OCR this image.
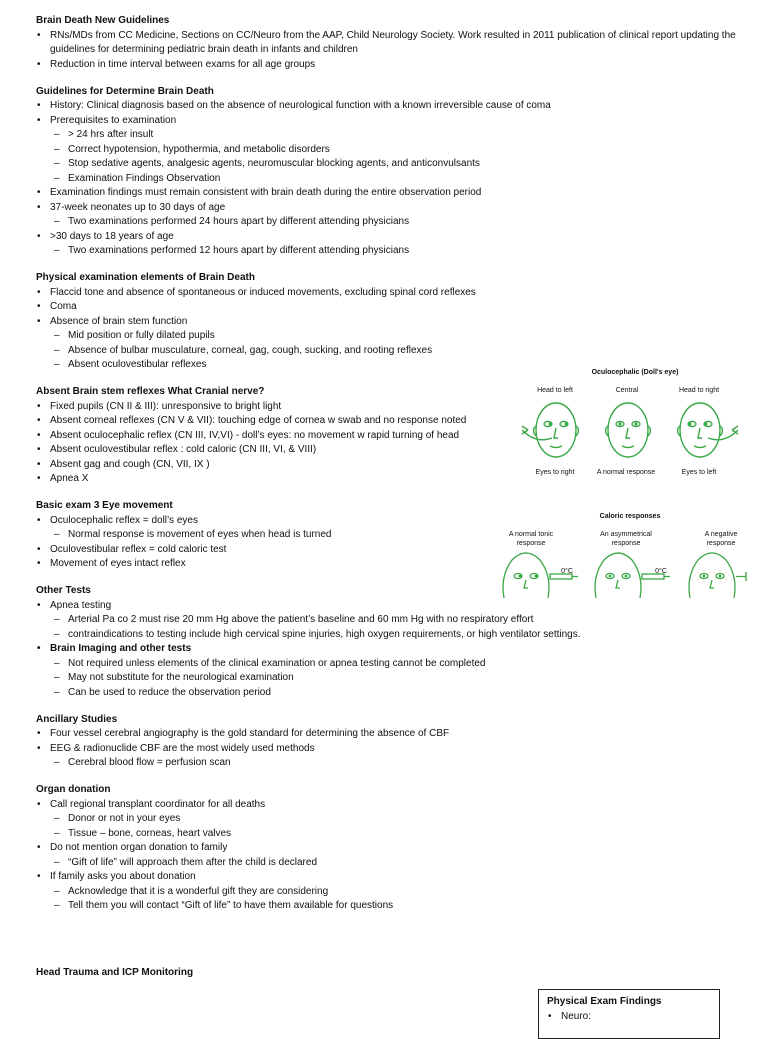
Brain Death New Guidelines
• RNs/MDs from CC Medicine, Sections on CC/Neuro from the AAP, Child Neurology Society. Work resulted in 2011 publication of clinical report updating the guidelines for determining pediatric brain death in infants and children
• Reduction in time interval between exams for all age groups
Guidelines for Determine Brain Death
• History: Clinical diagnosis based on the absence of neurological function with a known irreversible cause of coma
• Prerequisites to examination
– > 24 hrs after insult
– Correct hypotension, hypothermia, and metabolic disorders
– Stop sedative agents, analgesic agents, neuromuscular blocking agents, and anticonvulsants
– Examination Findings Observation
• Examination findings must remain consistent with brain death during the entire observation period
• 37-week neonates up to 30 days of age
– Two examinations performed 24 hours apart by different attending physicians
• >30 days to 18 years of age
– Two examinations performed 12 hours apart by different attending physicians
Physical examination elements of Brain Death
• Flaccid tone and absence of spontaneous or induced movements, excluding spinal cord reflexes
• Coma
• Absence of brain stem function
– Mid position or fully dilated pupils
– Absence of bulbar musculature, corneal, gag, cough, sucking, and rooting reflexes
– Absent oculovestibular reflexes
Absent Brain stem reflexes What Cranial nerve?
• Fixed pupils (CN II & III): unresponsive to bright light
• Absent corneal reflexes (CN V & VII): touching edge of cornea w swab and no response noted
• Absent oculocephalic reflex (CN III, IV,VI) - doll’s eyes: no movement w rapid turning of head
• Absent oculovestibular reflex : cold caloric (CN III, VI, & VIII)
• Absent gag and cough (CN, VII, IX )
• Apnea X
Basic exam 3 Eye movement
• Oculocephalic reflex = doll’s eyes
– Normal response is movement of eyes when head is turned
• Oculovestibular reflex = cold caloric test
• Movement of eyes intact reflex
Other Tests
• Apnea testing
– Arterial Pa co 2 must rise 20 mm Hg above the patient’s baseline and 60 mm Hg with no respiratory effort
– contraindications to testing include high cervical spine injuries, high oxygen requirements, or high ventilator settings.
• Brain Imaging and other tests
– Not required unless elements of the clinical examination or apnea testing cannot be completed
– May not substitute for the neurological examination
– Can be used to reduce the observation period
Ancillary Studies
• Four vessel cerebral angiography is the gold standard for determining the absence of CBF
• EEG & radionuclide CBF are the most widely used methods
– Cerebral blood flow = perfusion scan
Organ donation
• Call regional transplant coordinator for all deaths
– Donor or not in your eyes
– Tissue – bone, corneas, heart valves
• Do not mention organ donation to family
– “Gift of life” will approach them after the child is declared
• If family asks you about donation
– Acknowledge that it is a wonderful gift they are considering
– Tell them you will contact “Gift of life” to have them available for questions
Head Trauma and ICP Monitoring
Oculocephalic (Doll's eye)
Head to left	Central	Head to right
Eyes to right	A normal response	Eyes to left
Caloric responses
A normal tonic response
An asymmetrical response
A negative response
0°C	0°C
Physical Exam Findings
• Neuro:
